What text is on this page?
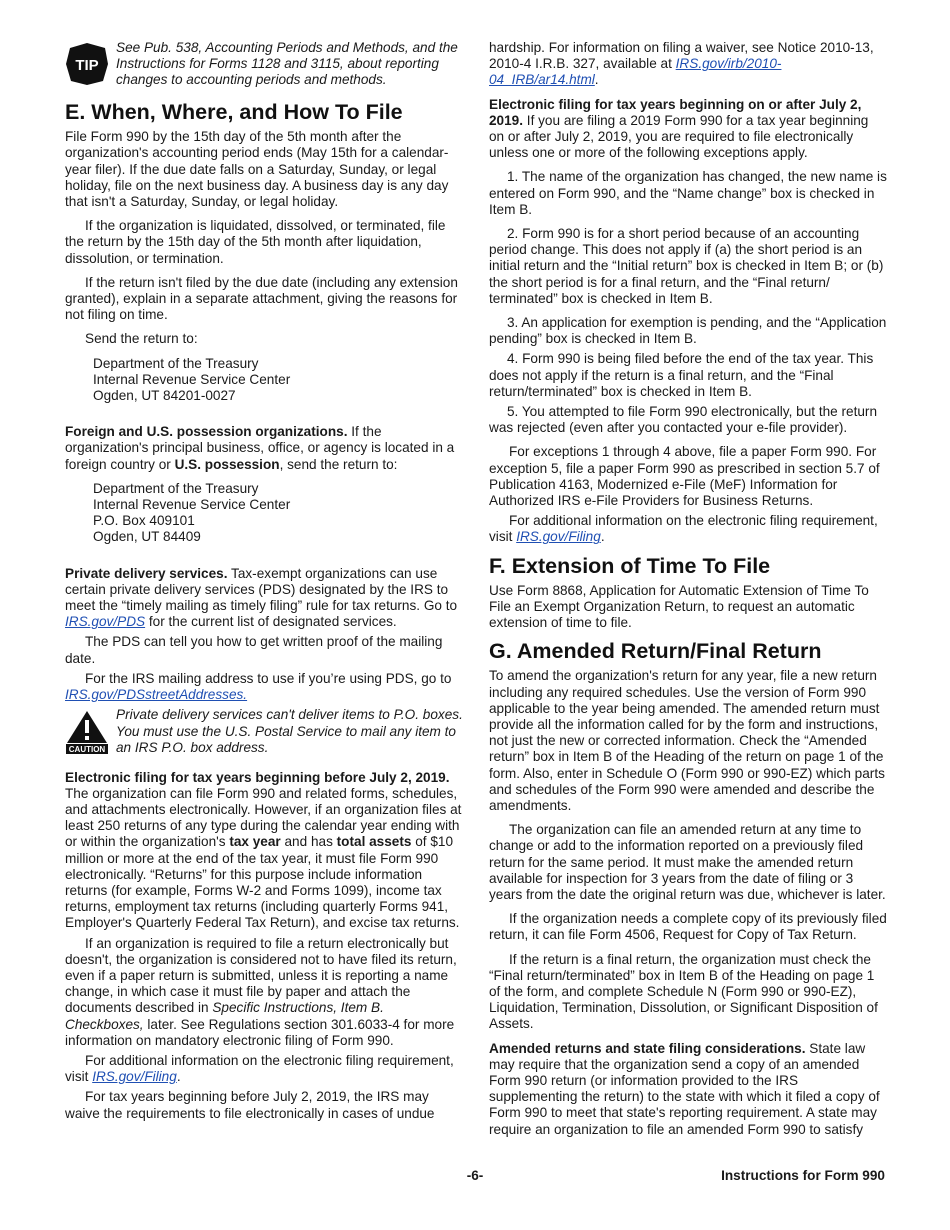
TIP
See Pub. 538, Accounting Periods and Methods, and the Instructions for Forms 1128 and 3115, about reporting changes to accounting periods and methods.
E. When, Where, and How To File

File Form 990 by the 15th day of the 5th month after the organization's accounting period ends (May 15th for a calendar-year filer). If the due date falls on a Saturday, Sunday, or legal holiday, file on the next business day. A business day is any day that isn't a Saturday, Sunday, or legal holiday.

If the organization is liquidated, dissolved, or terminated, file the return by the 15th day of the 5th month after liquidation, dissolution, or termination.

If the return isn't filed by the due date (including any extension granted), explain in a separate attachment, giving the reasons for not filing on time.

Send the return to:

Department of the Treasury
Internal Revenue Service Center
Ogden, UT 84201-0027

Foreign and U.S. possession organizations. If the organization's principal business, office, or agency is located in a foreign country or U.S. possession, send the return to:

Department of the Treasury
Internal Revenue Service Center
P.O. Box 409101
Ogden, UT 84409

Private delivery services. Tax-exempt organizations can use certain private delivery services (PDS) designated by the IRS to meet the “timely mailing as timely filing” rule for tax returns. Go to IRS.gov/PDS for the current list of designated services.

The PDS can tell you how to get written proof of the mailing date.

For the IRS mailing address to use if you’re using PDS, go to IRS.gov/PDSstreetAddresses.

CAUTION
Private delivery services can't deliver items to P.O. boxes. You must use the U.S. Postal Service to mail any item to an IRS P.O. box address.

Electronic filing for tax years beginning before July 2, 2019. The organization can file Form 990 and related forms, schedules, and attachments electronically. However, if an organization files at least 250 returns of any type during the calendar year ending with or within the organization's tax year and has total assets of $10 million or more at the end of the tax year, it must file Form 990 electronically. “Returns” for this purpose include information returns (for example, Forms W-2 and Forms 1099), income tax returns, employment tax returns (including quarterly Forms 941, Employer's Quarterly Federal Tax Return), and excise tax returns.

If an organization is required to file a return electronically but doesn't, the organization is considered not to have filed its return, even if a paper return is submitted, unless it is reporting a name change, in which case it must file by paper and attach the documents described in Specific Instructions, Item B. Checkboxes, later. See Regulations section 301.6033-4 for more information on mandatory electronic filing of Form 990.

For additional information on the electronic filing requirement, visit IRS.gov/Filing.

For tax years beginning before July 2, 2019, the IRS may waive the requirements to file electronically in cases of undue

hardship. For information on filing a waiver, see Notice 2010-13, 2010-4 I.R.B. 327, available at IRS.gov/irb/2010-04_IRB/ar14.html.

Electronic filing for tax years beginning on or after July 2, 2019. If you are filing a 2019 Form 990 for a tax year beginning on or after July 2, 2019, you are required to file electronically unless one or more of the following exceptions apply.

1. The name of the organization has changed, the new name is entered on Form 990, and the “Name change” box is checked in Item B.

2. Form 990 is for a short period because of an accounting period change. This does not apply if (a) the short period is an initial return and the “Initial return” box is checked in Item B; or (b) the short period is for a final return, and the “Final return/ terminated” box is checked in Item B.

3. An application for exemption is pending, and the “Application pending” box is checked in Item B.

4. Form 990 is being filed before the end of the tax year. This does not apply if the return is a final return, and the “Final return/terminated” box is checked in Item B.

5. You attempted to file Form 990 electronically, but the return was rejected (even after you contacted your e-file provider).

For exceptions 1 through 4 above, file a paper Form 990. For exception 5, file a paper Form 990 as prescribed in section 5.7 of Publication 4163, Modernized e-File (MeF) Information for Authorized IRS e-File Providers for Business Returns.

For additional information on the electronic filing requirement, visit IRS.gov/Filing.

F. Extension of Time To File

Use Form 8868, Application for Automatic Extension of Time To File an Exempt Organization Return, to request an automatic extension of time to file.

G. Amended Return/Final Return

To amend the organization's return for any year, file a new return including any required schedules. Use the version of Form 990 applicable to the year being amended. The amended return must provide all the information called for by the form and instructions, not just the new or corrected information. Check the “Amended return” box in Item B of the Heading of the return on page 1 of the form. Also, enter in Schedule O (Form 990 or 990-EZ) which parts and schedules of the Form 990 were amended and describe the amendments.

The organization can file an amended return at any time to change or add to the information reported on a previously filed return for the same period. It must make the amended return available for inspection for 3 years from the date of filing or 3 years from the date the original return was due, whichever is later.

If the organization needs a complete copy of its previously filed return, it can file Form 4506, Request for Copy of Tax Return.

If the return is a final return, the organization must check the “Final return/terminated” box in Item B of the Heading on page 1 of the form, and complete Schedule N (Form 990 or 990-EZ), Liquidation, Termination, Dissolution, or Significant Disposition of Assets.

Amended returns and state filing considerations. State law may require that the organization send a copy of an amended Form 990 return (or information provided to the IRS supplementing the return) to the state with which it filed a copy of Form 990 to meet that state's reporting requirement. A state may require an organization to file an amended Form 990 to satisfy

-6-	Instructions for Form 990
